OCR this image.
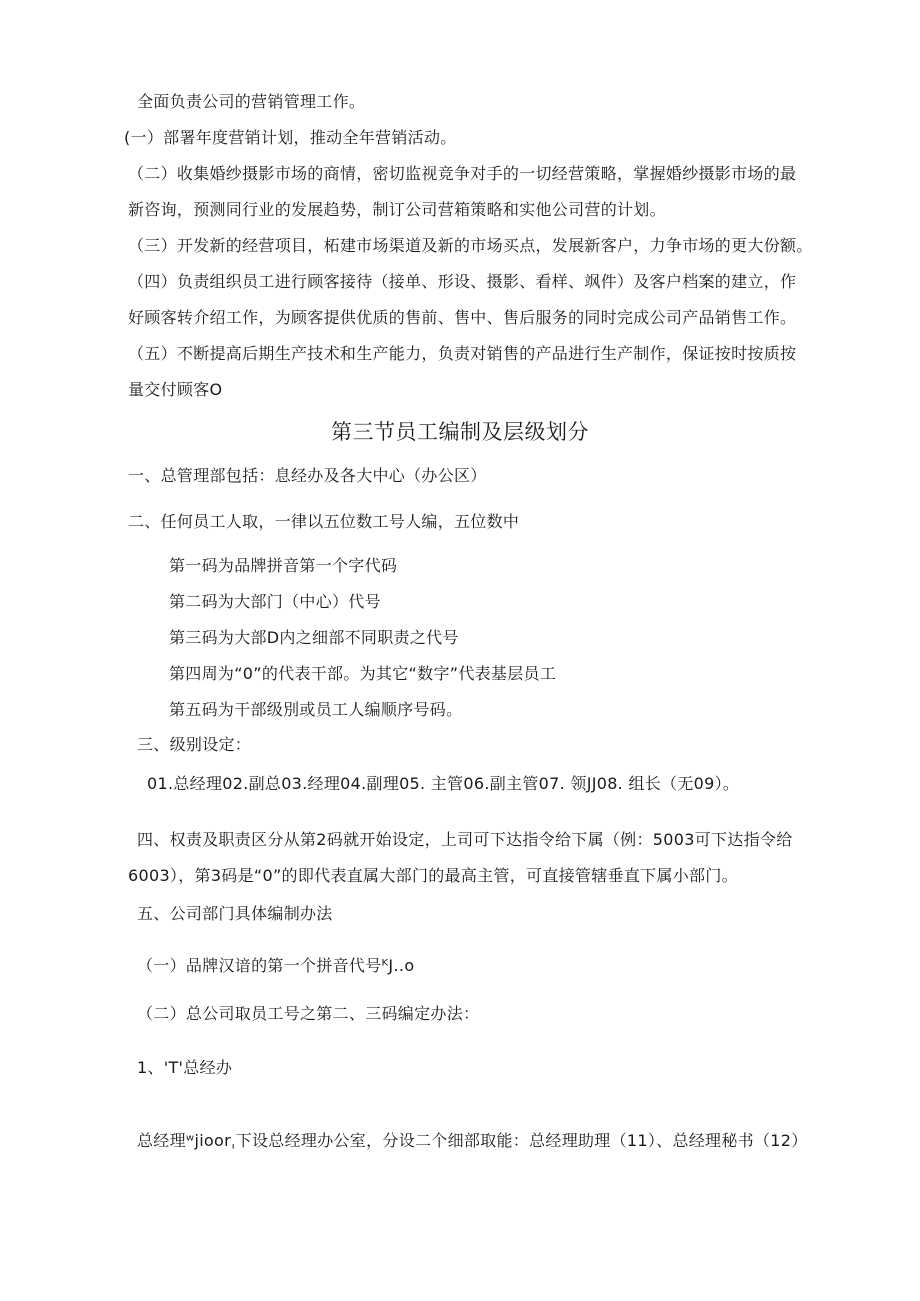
全面负责公司的营销管理工作。
(一）部署年度营销计划，推动全年营销活动。
（二）收集婚纱摄影市场的商情，密切监视竞争对手的一切经营策略，掌握婚纱摄影市场的最
新咨询，预测同行业的发展趋势，制订公司营箱策略和实他公司营的计划。
（三）开发新的经营项目，柘建市场渠道及新的市场买点，发展新客户，力争市场的更大份额。
（四）负责组织员工进行顾客接待（接单、形设、摄影、看样、飒件）及客户档案的建立，作
好顾客转介绍工作，为顾客提供优质的售前、售中、售后服务的同时完成公司产品销售工作。
（五）不断提高后期生产技术和生产能力，负责对销售的产品进行生产制作，保证按时按质按
量交付顾客O
第三节员工编制及层级划分
一、总管理部包括：息经办及各大中心（办公区）
二、任何员工人取，一律以五位数工号人编，五位数中
第一码为品牌拼音第一个字代码
第二码为大部门（中心）代号
第三码为大部D内之细部不同职责之代号
第四周为“0”的代表干部。为其它“数字”代表基层员工
第五码为干部级別或员工人编顺序号码。
三、级别设定：
01.总经理02.副总03.经理04.副理05. 主管06.副主管07. 领JJ08. 组长（无09）。
四、权责及职责区分从第2码就开始设定，上司可下达指令给下属（例：5003可下达指令给
6003），第3码是“0”的即代表直属大部门的最高主管，可直接管辖垂直下属小部门。
五、公司部门具体编制办法
（一）品牌汉谙的第一个拼音代号ᴷJ‥o
（二）总公司取员工号之第二、三码编定办法：
1、'T'总经办
总经理ʷjioorˌ下设总经理办公室，分设二个细部取能：总经理助理（11）、总经理秘书（12）
